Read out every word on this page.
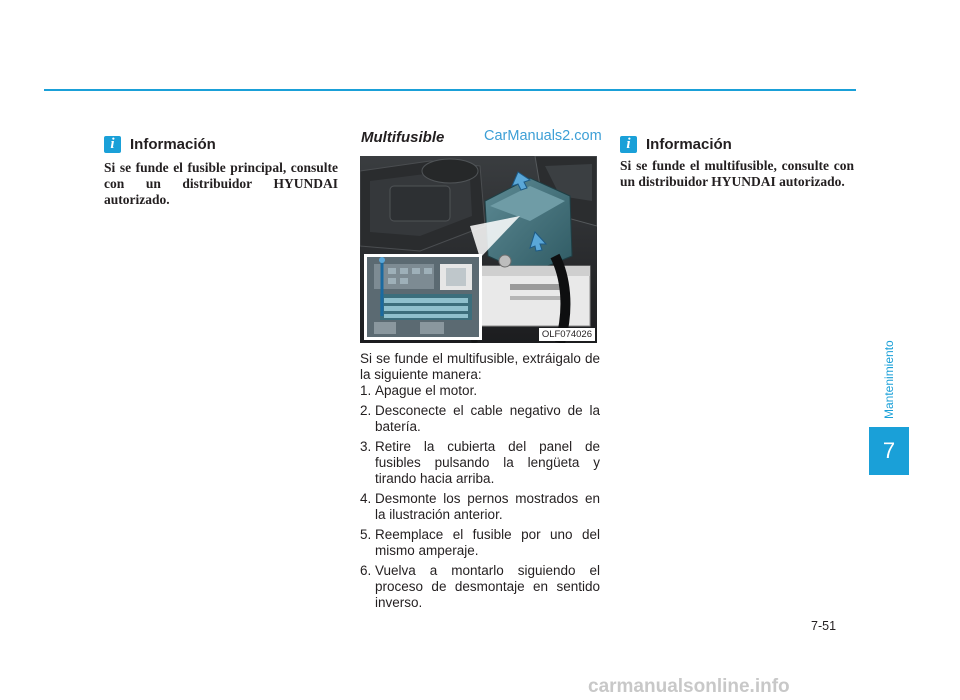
i	Información
Si se funde el fusible principal, consulte con un distribuidor HYUNDAI autorizado.
Multifusible	CarManuals2.com
OLF074026
Si se funde el multifusible, extráigalo de la siguiente manera:
1. Apague el motor.
2. Desconecte el cable negativo de la batería.
3. Retire la cubierta del panel de fusibles pulsando la lengüeta y tirando hacia arriba.
4. Desmonte los pernos mostrados en la ilustración anterior.
5. Reemplace el fusible por uno del mismo amperaje.
6. Vuelva a montarlo siguiendo el proceso de desmontaje en sentido inverso.
i	Información
Si se funde el multifusible, consulte con un distribuidor HYUNDAI autorizado.
Mantenimiento
7
7-51
carmanualsonline.info
